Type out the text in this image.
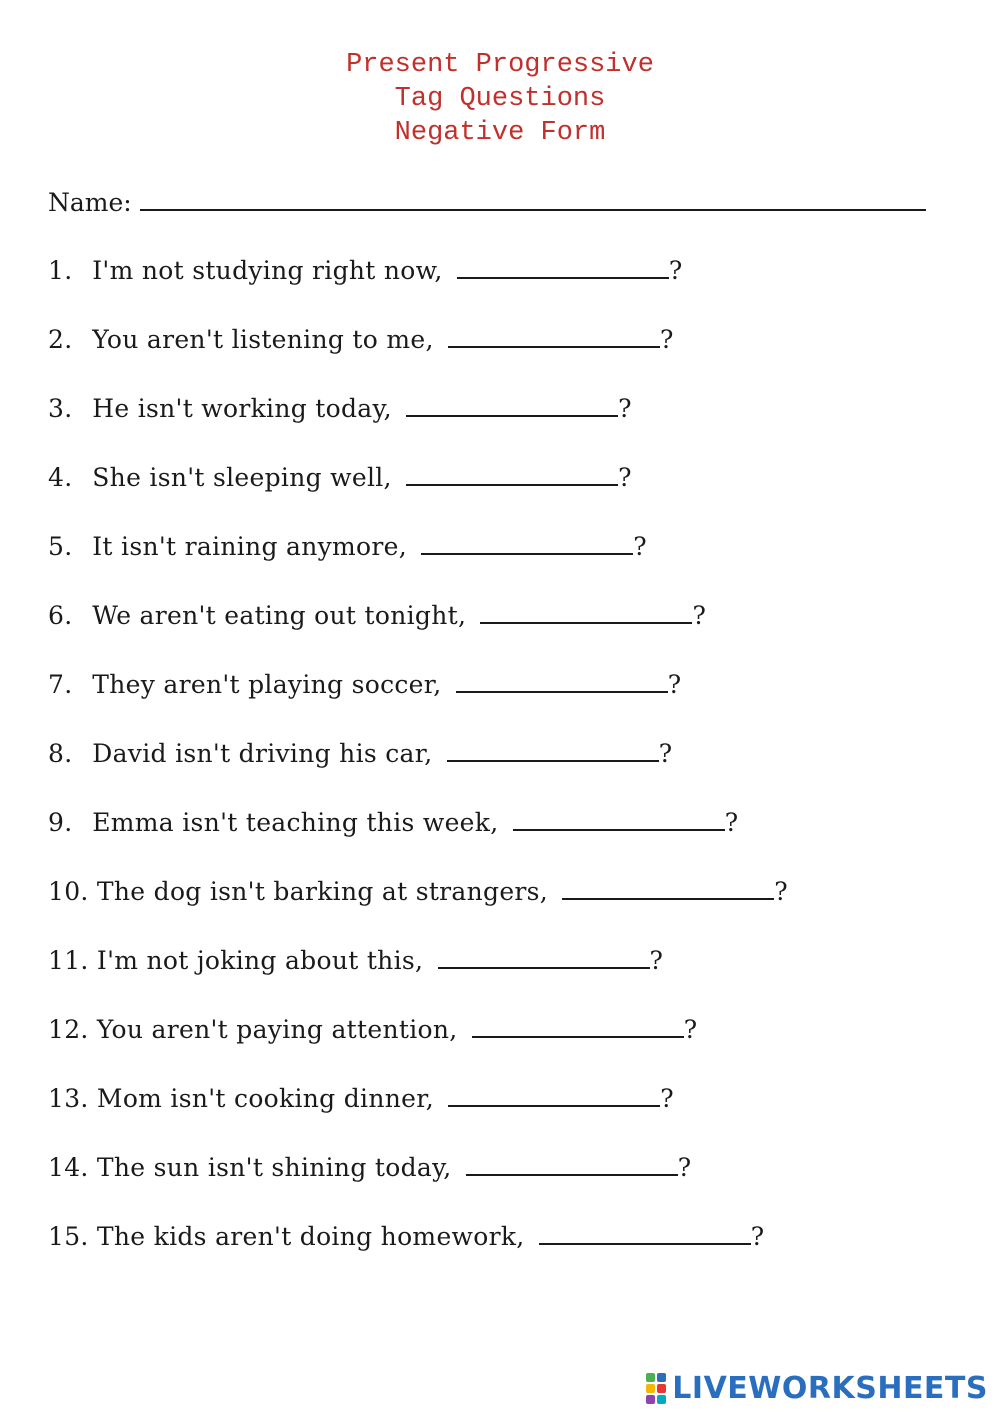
Present Progressive
Tag Questions
Negative Form
Name:
1. I'm not studying right now,	?
2. You aren't listening to me,	?
3. He isn't working today,	?
4. She isn't sleeping well,	?
5. It isn't raining anymore,	?
6. We aren't eating out tonight,	?
7. They aren't playing soccer,	?
8. David isn't driving his car,	?
9. Emma isn't teaching this week,	?
10. The dog isn't barking at strangers,	?
11. I'm not joking about this,	?
12. You aren't paying attention,	?
13. Mom isn't cooking dinner,	?
14. The sun isn't shining today,	?
15. The kids aren't doing homework,	?
LIVEWORKSHEETS
